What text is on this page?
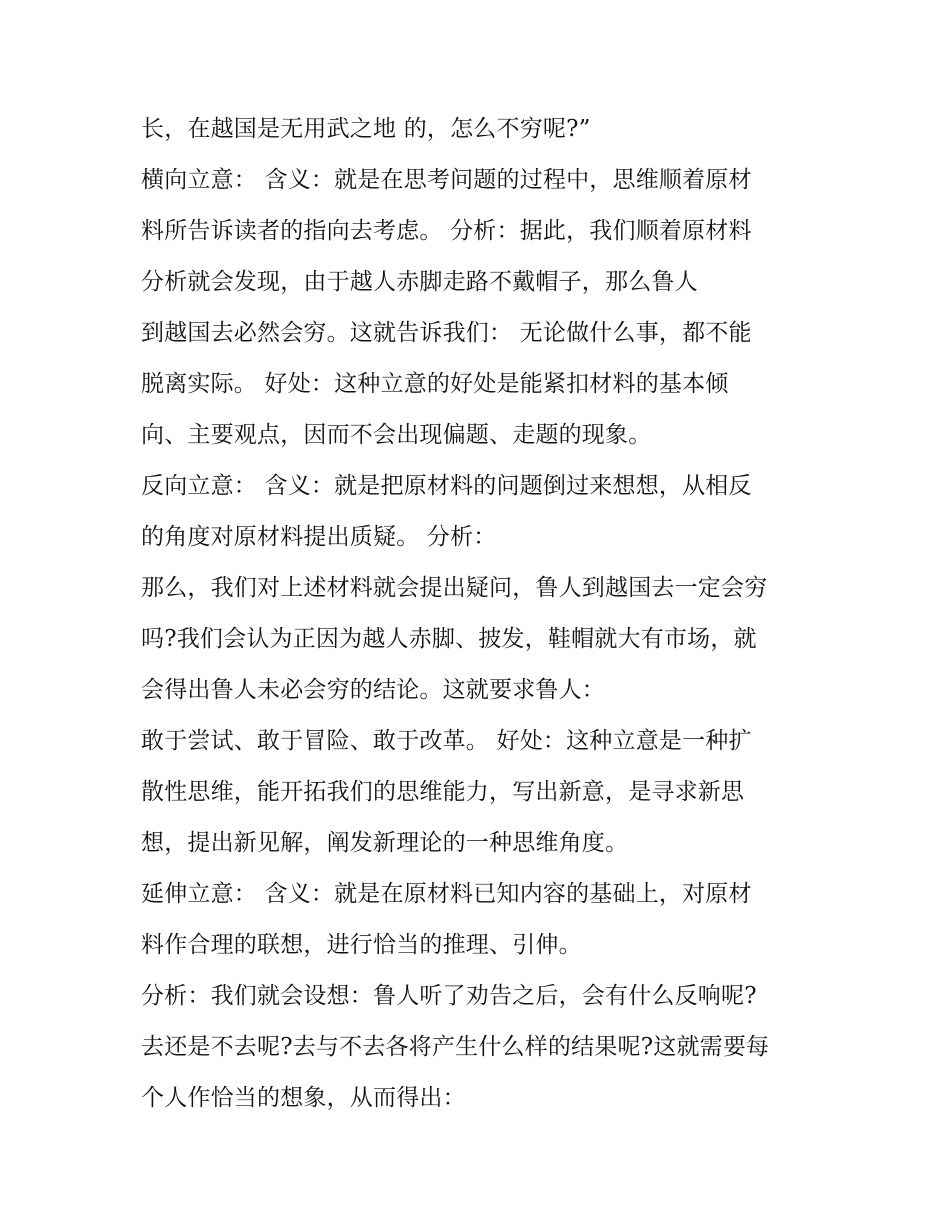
长，在越国是无用武之地 的，怎么不穷呢?”
横向立意： 含义：就是在思考问题的过程中，思维顺着原材
料所告诉读者的指向去考虑。 分析：据此，我们顺着原材料
分析就会发现，由于越人赤脚走路不戴帽子，那么鲁人
到越国去必然会穷。这就告诉我们： 无论做什么事，都不能
脱离实际。 好处：这种立意的好处是能紧扣材料的基本倾
向、主要观点，因而不会出现偏题、走题的现象。
反向立意： 含义：就是把原材料的问题倒过来想想，从相反
的角度对原材料提出质疑。 分析：
那么，我们对上述材料就会提出疑问，鲁人到越国去一定会穷
吗?我们会认为正因为越人赤脚、披发，鞋帽就大有市场，就
会得出鲁人未必会穷的结论。这就要求鲁人：
敢于尝试、敢于冒险、敢于改革。 好处：这种立意是一种扩
散性思维，能开拓我们的思维能力，写出新意，是寻求新思
想，提出新见解，阐发新理论的一种思维角度。
延伸立意： 含义：就是在原材料已知内容的基础上，对原材
料作合理的联想，进行恰当的推理、引伸。
分析：我们就会设想：鲁人听了劝告之后，会有什么反响呢?
去还是不去呢?去与不去各将产生什么样的结果呢?这就需要每
个人作恰当的想象，从而得出：
